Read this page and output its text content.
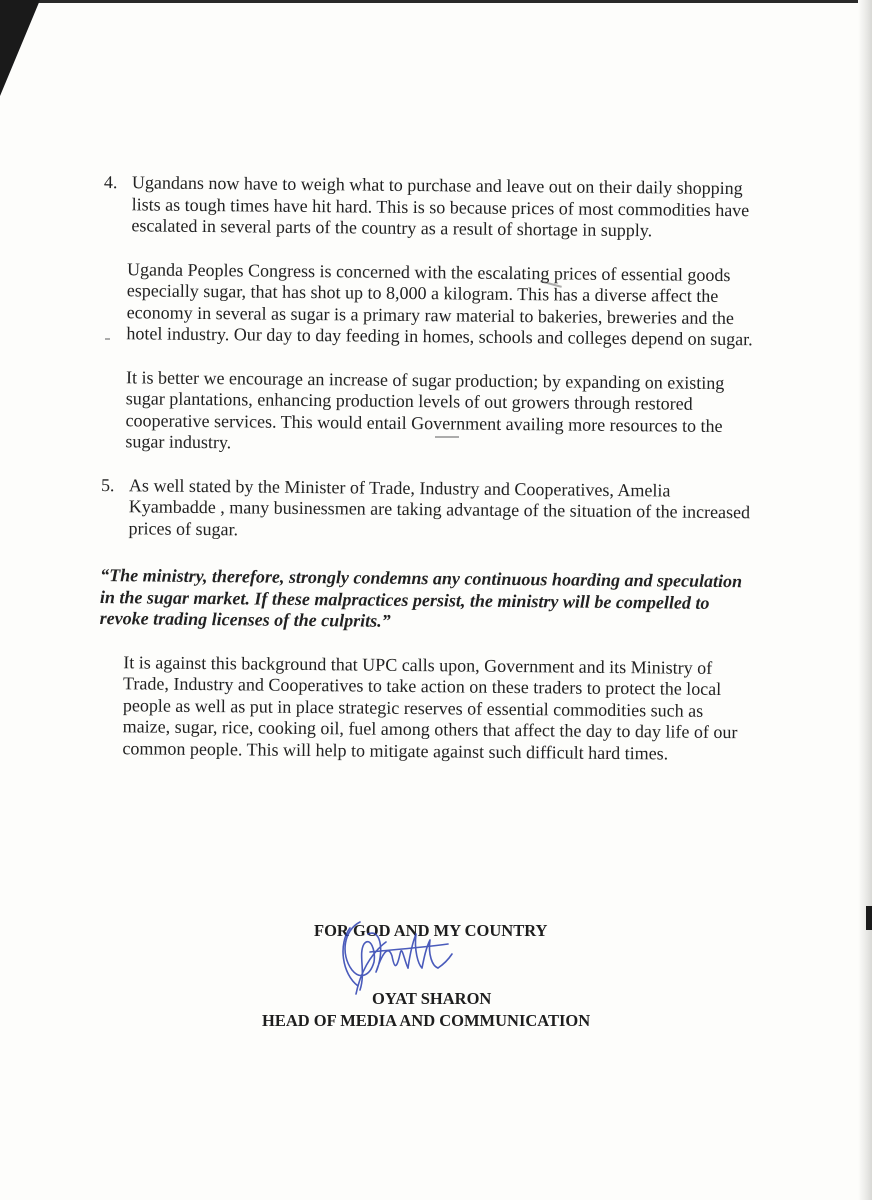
4. Ugandans now have to weigh what to purchase and leave out on their daily shopping lists as tough times have hit hard. This is so because prices of most commodities have escalated in several parts of the country as a result of shortage in supply.

Uganda Peoples Congress is concerned with the escalating prices of essential goods especially sugar, that has shot up to 8,000 a kilogram. This has a diverse affect the economy in several as sugar is a primary raw material to bakeries, breweries and the hotel industry. Our day to day feeding in homes, schools and colleges depend on sugar.

It is better we encourage an increase of sugar production; by expanding on existing sugar plantations, enhancing production levels of out growers through restored cooperative services. This would entail Government availing more resources to the sugar industry.

5. As well stated by the Minister of Trade, Industry and Cooperatives, Amelia Kyambadde , many businessmen are taking advantage of the situation of the increased prices of sugar.

“The ministry, therefore, strongly condemns any continuous hoarding and speculation in the sugar market. If these malpractices persist, the ministry will be compelled to revoke trading licenses of the culprits.”

It is against this background that UPC calls upon, Government and its Ministry of Trade, Industry and Cooperatives to take action on these traders to protect the local people as well as put in place strategic reserves of essential commodities such as maize, sugar, rice, cooking oil, fuel among others that affect the day to day life of our common people. This will help to mitigate against such difficult hard times.

FOR GOD AND MY COUNTRY
OYAT SHARON
HEAD OF MEDIA AND COMMUNICATION
